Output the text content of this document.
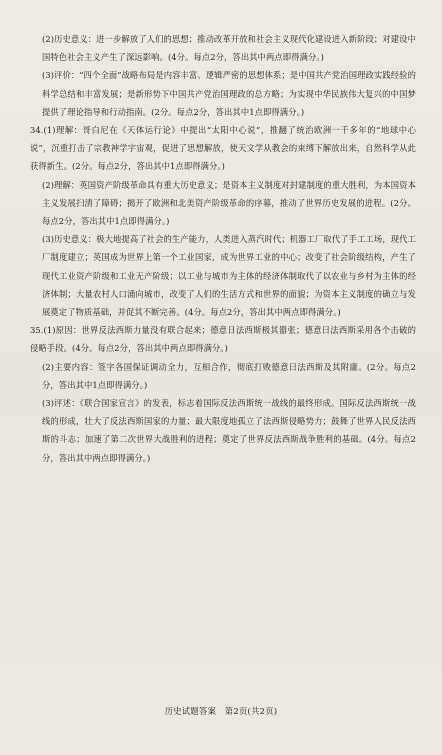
(2)历史意义：进一步解放了人们的思想；推动改革开放和社会主义现代化建设进入新阶段；对建设中国特色社会主义产生了深远影响。(4分。每点2分，答出其中两点即得满分。)

(3)评价：“四个全面”战略布局是内容丰富、逻辑严密的思想体系；是中国共产党治国理政实践经验的科学总结和丰富发展；是新形势下中国共产党治国理政的总方略；为实现中华民族伟大复兴的中国梦提供了理论指导和行动指南。(2分。每点2分，答出其中1点即得满分。)

34.(1)理解：哥白尼在《天体运行论》中提出“太阳中心说”，推翻了统治欧洲一千多年的“地球中心说”，沉重打击了宗教神学宇宙观，促进了思想解放，使天文学从教会的束缚下解放出来，自然科学从此获得新生。(2分。每点2分，答出其中1点即得满分。)

(2)理解：英国资产阶级革命具有重大历史意义；是资本主义制度对封建制度的重大胜利，为本国资本主义发展扫清了障碍；揭开了欧洲和北美资产阶级革命的序幕，推动了世界历史发展的进程。(2分。每点2分，答出其中1点即得满分。)

(3)历史意义：极大地提高了社会的生产能力，人类进入蒸汽时代；机器工厂取代了手工工场，现代工厂制度建立；英国成为世界上第一个工业国家，成为世界工业的中心；改变了社会阶级结构，产生了现代工业资产阶级和工业无产阶级；以工业与城市为主体的经济体制取代了以农业与乡村为主体的经济体制；大量农村人口涌向城市，改变了人们的生活方式和世界的面貌；为资本主义制度的确立与发展奠定了物质基础，并促其不断完善。(4分。每点2分，答出其中两点即得满分。)

35.(1)原因：世界反法西斯力量没有联合起来；德意日法西斯极其嚣张；德意日法西斯采用各个击破的侵略手段。(4分。每点2分，答出其中两点即得满分。)

(2)主要内容：签字各国保证调动全力，互相合作，彻底打败德意日法西斯及其附庸。(2分。每点2分，答出其中1点即得满分。)

(3)评述：《联合国家宣言》的发表，标志着国际反法西斯统一战线的最终形成。国际反法西斯统一战线的形成，壮大了反法西斯国家的力量；最大限度地孤立了法西斯侵略势力；鼓舞了世界人民反法西斯的斗志；加速了第二次世界大战胜利的进程；奠定了世界反法西斯战争胜利的基础。(4分。每点2分，答出其中两点即得满分。)

历史试题答案　第2页(共2页)
